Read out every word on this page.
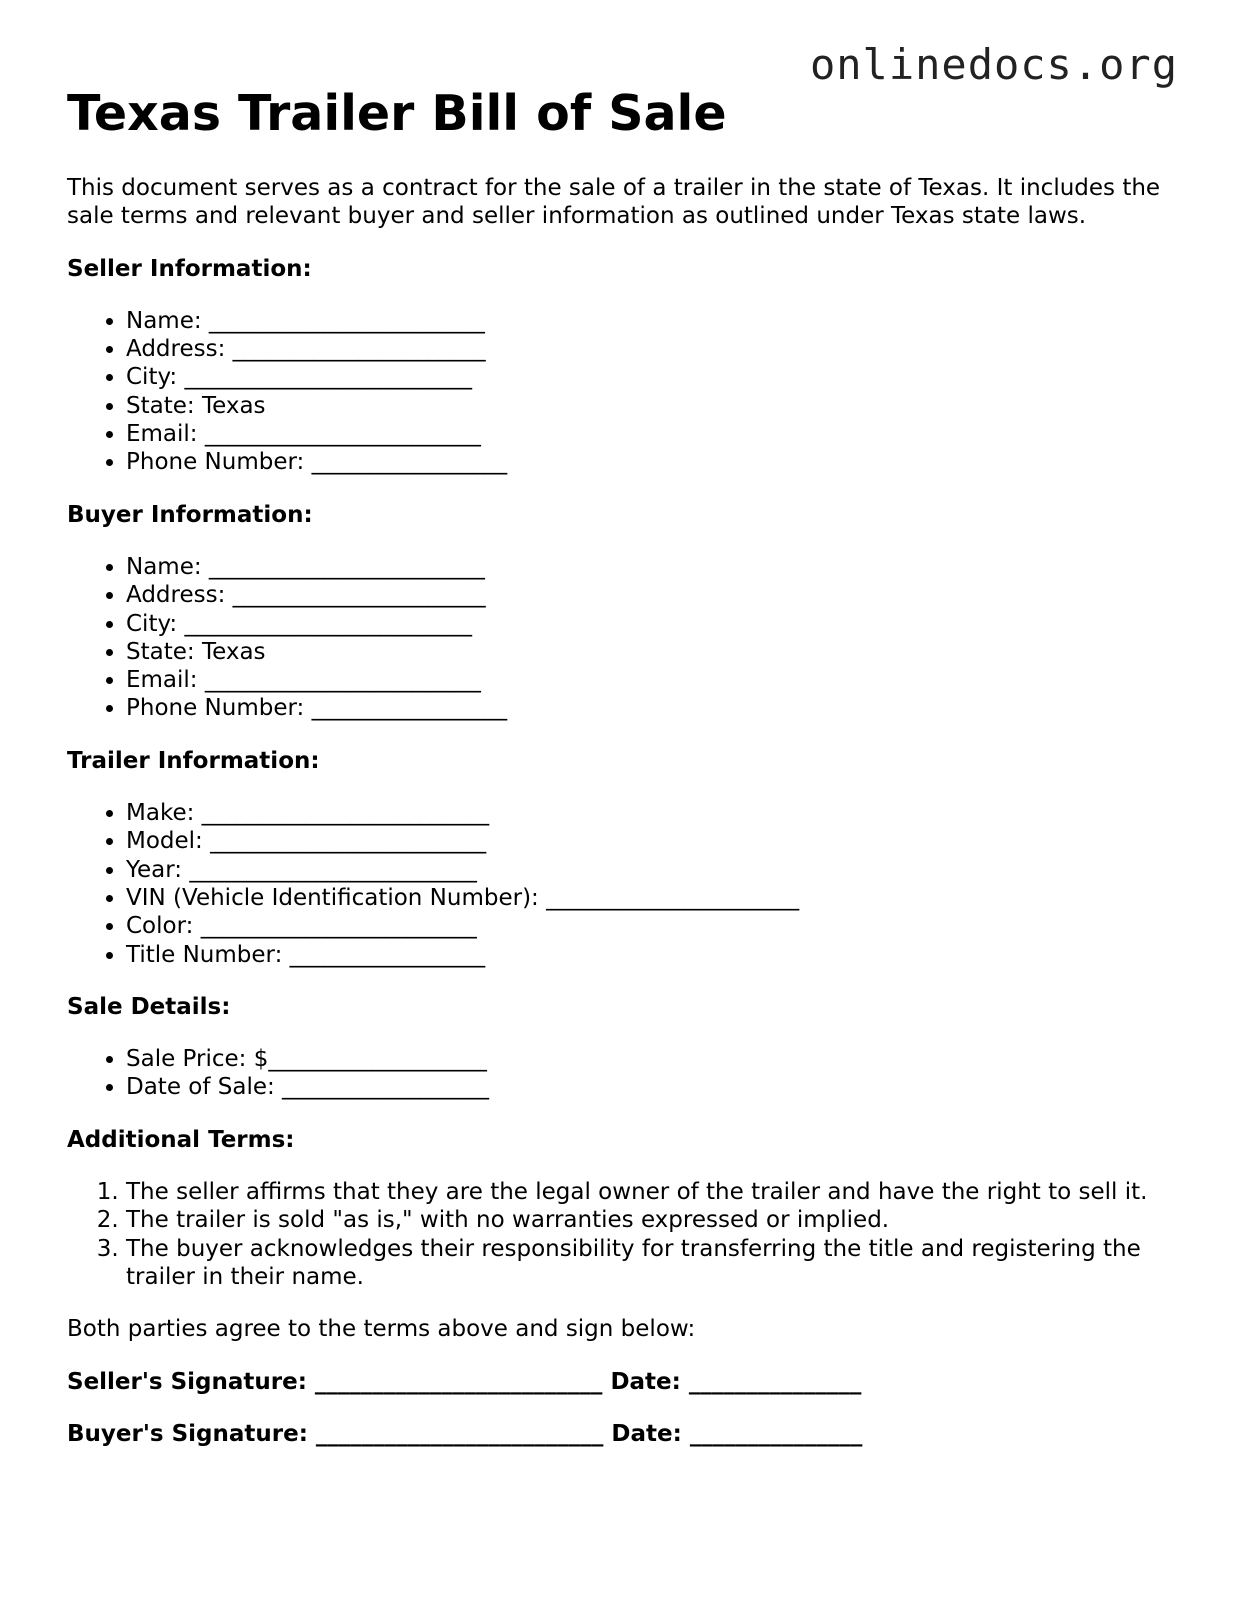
onlinedocs.org
Texas Trailer Bill of Sale

This document serves as a contract for the sale of a trailer in the state of Texas. It includes the sale terms and relevant buyer and seller information as outlined under Texas state laws.

Seller Information:
• Name: ________________________
• Address: ______________________
• City: _________________________
• State: Texas
• Email: ________________________
• Phone Number: _________________
Buyer Information:
• Name: ________________________
• Address: ______________________
• City: _________________________
• State: Texas
• Email: ________________________
• Phone Number: _________________
Trailer Information:
• Make: _________________________
• Model: ________________________
• Year: _________________________
• VIN (Vehicle Identification Number): ______________________
• Color: ________________________
• Title Number: _________________
Sale Details:
• Sale Price: $___________________
• Date of Sale: __________________
Additional Terms:
1. The seller affirms that they are the legal owner of the trailer and have the right to sell it.
2. The trailer is sold "as is," with no warranties expressed or implied.
3. The buyer acknowledges their responsibility for transferring the title and registering the trailer in their name.

Both parties agree to the terms above and sign below:

Seller's Signature: _________________________ Date: _______________
Buyer's Signature: _________________________ Date: _______________
